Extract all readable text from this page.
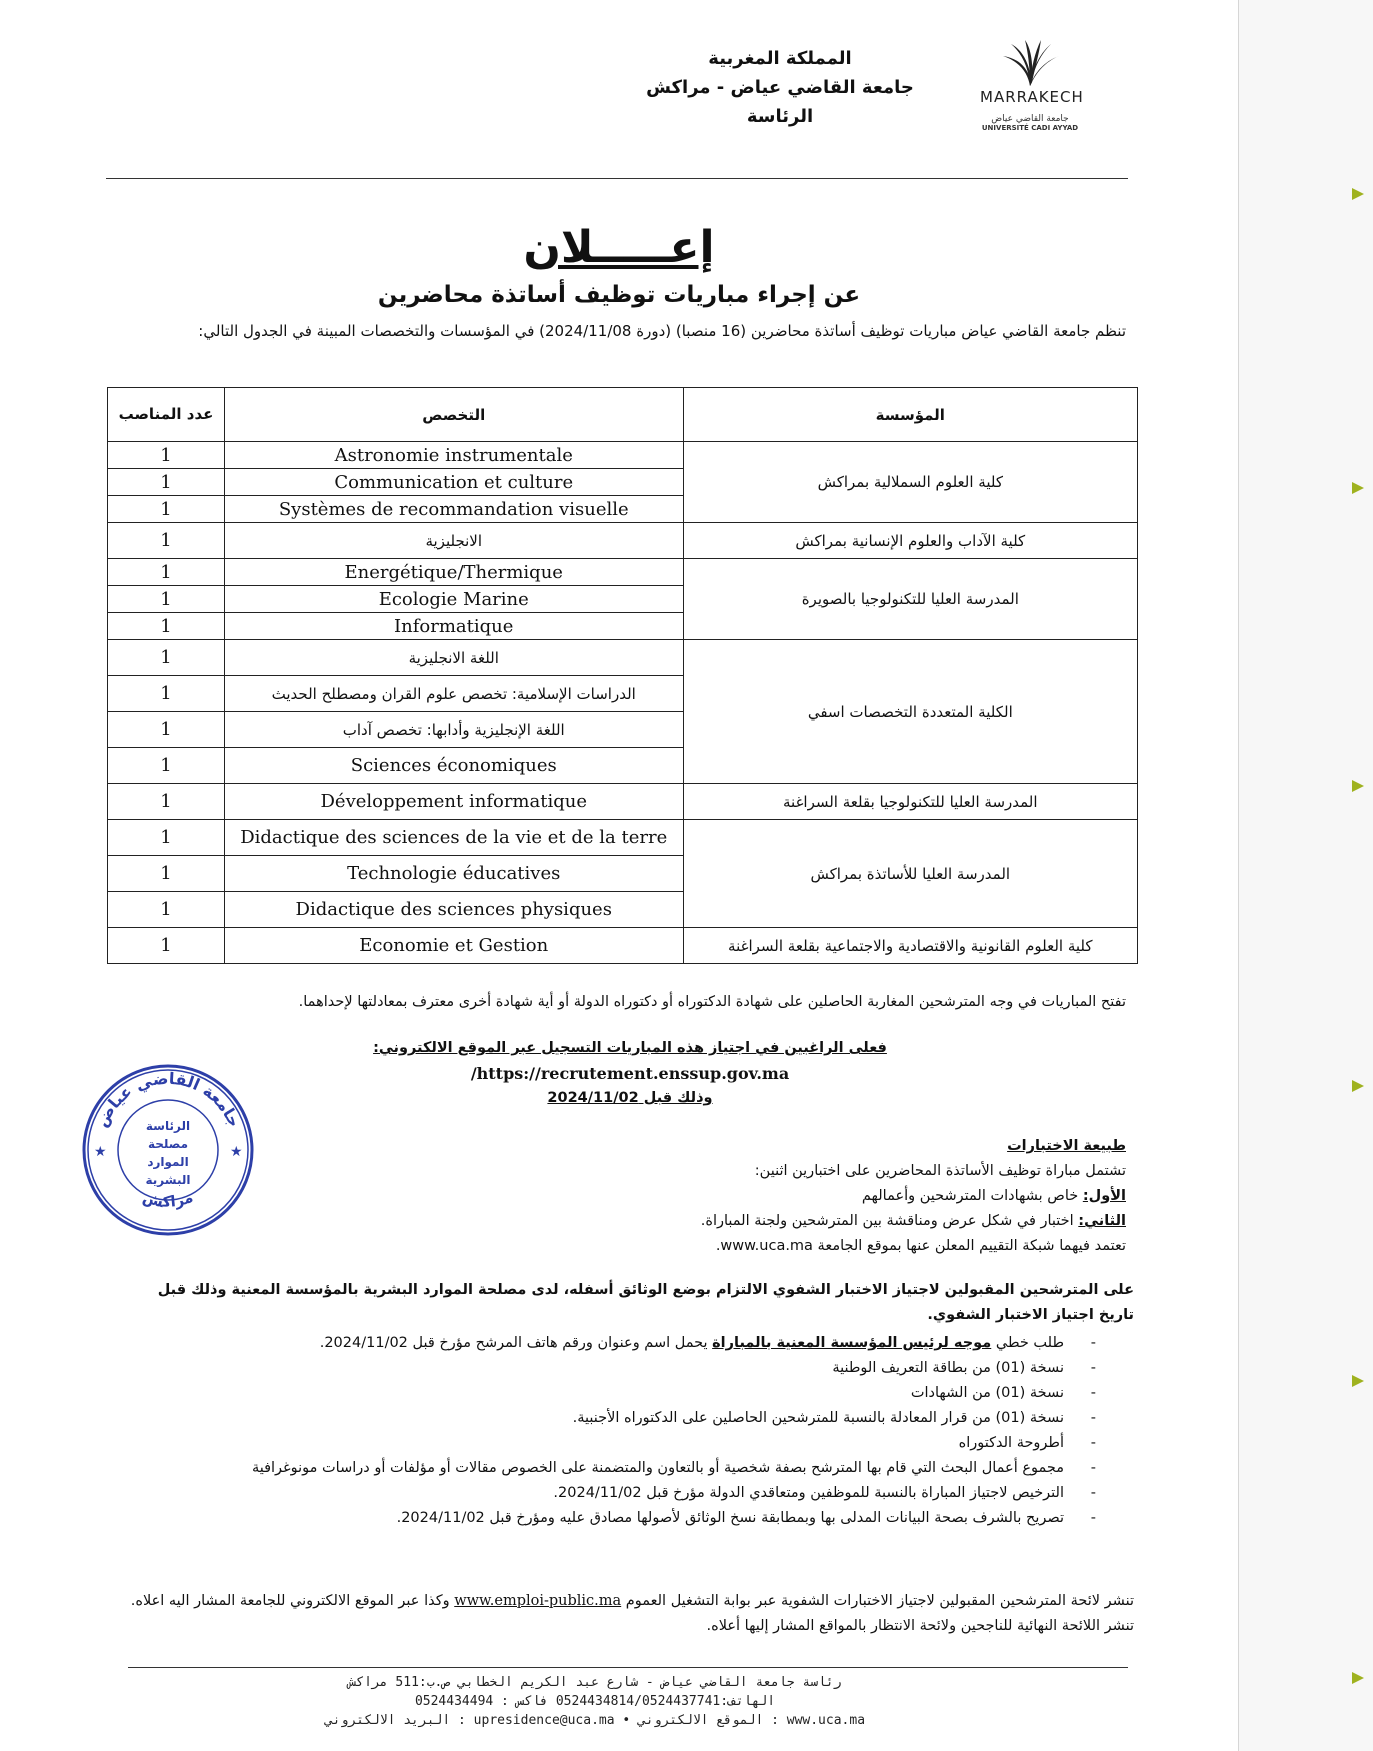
MARRAKECH
جامعة القاضي عياض
UNIVERSITÉ CADI AYYAD
المملكة المغربية
جامعة القاضي عياض - مراكش
الرئاسة
إعـــــلان
عن إجراء مباريات توظيف أساتذة محاضرين
تنظم جامعة القاضي عياض مباريات توظيف أساتذة محاضرين (16 منصبا) (دورة 2024/11/08) في المؤسسات والتخصصات المبينة في الجدول التالي:
عدد المناصب	التخصص	المؤسسة
1	Astronomie instrumentale	كلية العلوم السملالية بمراكش
1	Communication et culture	
1	Systèmes de recommandation visuelle	
1	الانجليزية	كلية الآداب والعلوم الإنسانية بمراكش
1	Energétique/Thermique	المدرسة العليا للتكنولوجيا بالصويرة
1	Ecologie Marine	
1	Informatique	
1	اللغة الانجليزية	الكلية المتعددة التخصصات اسفي
1	الدراسات الإسلامية: تخصص علوم القران ومصطلح الحديث	
1	اللغة الإنجليزية وأدابها: تخصص آداب	
1	Sciences économiques	
1	Développement informatique	المدرسة العليا للتكنولوجيا بقلعة السراغنة
1	Didactique des sciences de la vie et de la terre	المدرسة العليا للأساتذة بمراكش
1	Technologie éducatives	
1	Didactique des sciences physiques	
1	Economie et Gestion	كلية العلوم القانونية والاقتصادية والاجتماعية بقلعة السراغنة
تفتح المباريات في وجه المترشحين المغاربة الحاصلين على شهادة الدكتوراه أو دكتوراه الدولة أو أية شهادة أخرى معترف بمعادلتها لإحداهما.
فعلى الراغبين في اجتياز هذه المباريات التسجيل عبر الموقع الالكتروني:
https://recrutement.enssup.gov.ma/
وذلك قبل 2024/11/02
طبيعة الاختبارات
تشتمل مباراة توظيف الأساتذة المحاضرين على اختبارين اثنين:
الأول: خاص بشهادات المترشحين وأعمالهم
الثاني: اختبار في شكل عرض ومناقشة بين المترشحين ولجنة المباراة.
تعتمد فيهما شبكة التقييم المعلن عنها بموقع الجامعة www.uca.ma.
على المترشحين المقبولين لاجتياز الاختبار الشفوي الالتزام بوضع الوثائق أسفله، لدى مصلحة الموارد البشرية بالمؤسسة المعنية وذلك قبل تاريخ اجتياز الاختبار الشفوي.
- طلب خطي موجه لرئيس المؤسسة المعنية بالمباراة يحمل اسم وعنوان ورقم هاتف المرشح مؤرخ قبل 2024/11/02.
- نسخة (01) من بطاقة التعريف الوطنية
- نسخة (01) من الشهادات
- نسخة (01) من قرار المعادلة بالنسبة للمترشحين الحاصلين على الدكتوراه الأجنبية.
- أطروحة الدكتوراه
- مجموع أعمال البحث التي قام بها المترشح بصفة شخصية أو بالتعاون والمتضمنة على الخصوص مقالات أو مؤلفات أو دراسات مونوغرافية
- الترخيص لاجتياز المباراة بالنسبة للموظفين ومتعاقدي الدولة مؤرخ قبل 2024/11/02.
- تصريح بالشرف بصحة البيانات المدلى بها وبمطابقة نسخ الوثائق لأصولها مصادق عليه ومؤرخ قبل 2024/11/02.
تنشر لائحة المترشحين المقبولين لاجتياز الاختبارات الشفوية عبر بوابة التشغيل العموم www.emploi-public.ma وكذا عبر الموقع الالكتروني للجامعة المشار اليه اعلاه.
تنشر اللائحة النهائية للناجحين ولائحة الانتظار بالمواقع المشار إليها أعلاه.
★	★
جامعة القاضي عياض
مراكش
الرئاسة
مصلحة
الموارد
البشرية
رئاسة جامعة القاضي عياض - شارع عبد الكريم الخطابي ص.ب:511 مراكش
الهاتف:0524434814/0524437741 فاكس : 0524434494
www.uca.ma : الموقع الالكتروني • upresidence@uca.ma : البريد الالكتروني
